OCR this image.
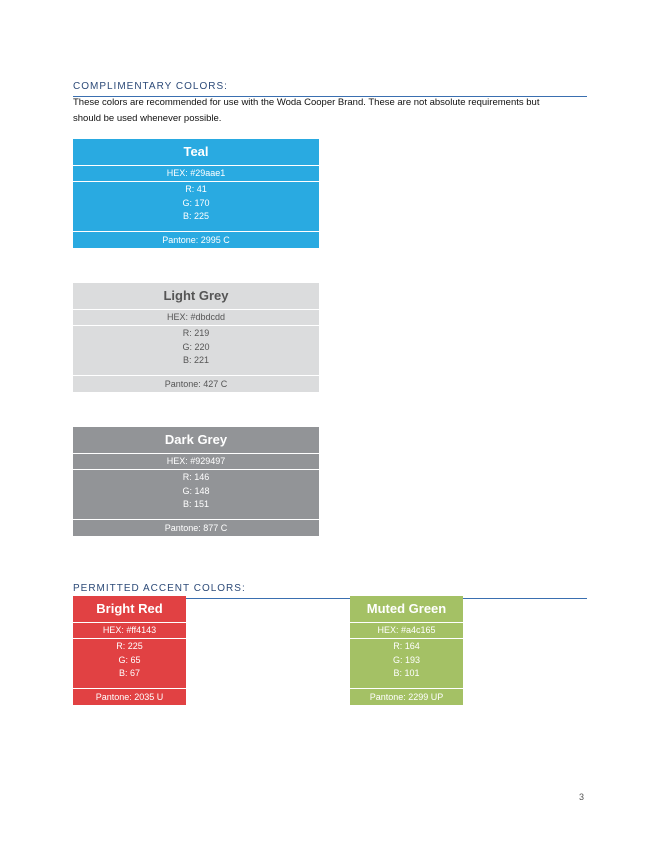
COMPLIMENTARY COLORS:
These colors are recommended for use with the Woda Cooper Brand. These are not absolute requirements but
should be used whenever possible.
Teal
HEX: #29aae1
R: 41
G: 170
B: 225
Pantone: 2995 C
Light Grey
HEX: #dbdcdd
R: 219
G: 220
B: 221
Pantone: 427 C
Dark Grey
HEX: #929497
R: 146
G: 148
B: 151
Pantone: 877 C
PERMITTED ACCENT COLORS:
Bright Red
HEX: #ff4143
R: 225
G: 65
B: 67
Pantone: 2035 U
Muted Green
HEX: #a4c165
R: 164
G: 193
B: 101
Pantone: 2299 UP
3
